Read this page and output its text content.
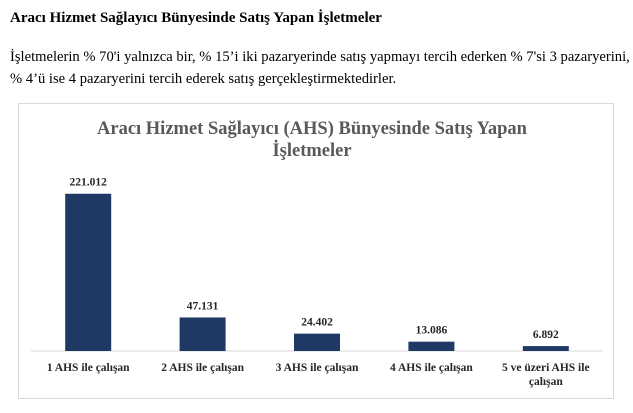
Aracı Hizmet Sağlayıcı Bünyesinde Satış Yapan İşletmeler
İşletmelerin % 70'i yalnızca bir, % 15’i iki pazaryerinde satış yapmayı tercih ederken % 7'si 3 pazaryerini, % 4’ü ise 4 pazaryerini tercih ederek satış gerçekleştirmektedirler.
Aracı Hizmet Sağlayıcı (AHS) Bünyesinde Satış Yapan
İşletmeler
221.012
1 AHS ile çalışan
47.131
2 AHS ile çalışan
24.402
3 AHS ile çalışan
13.086
4 AHS ile çalışan
6.892
5 ve üzeri AHS ile
çalışan
